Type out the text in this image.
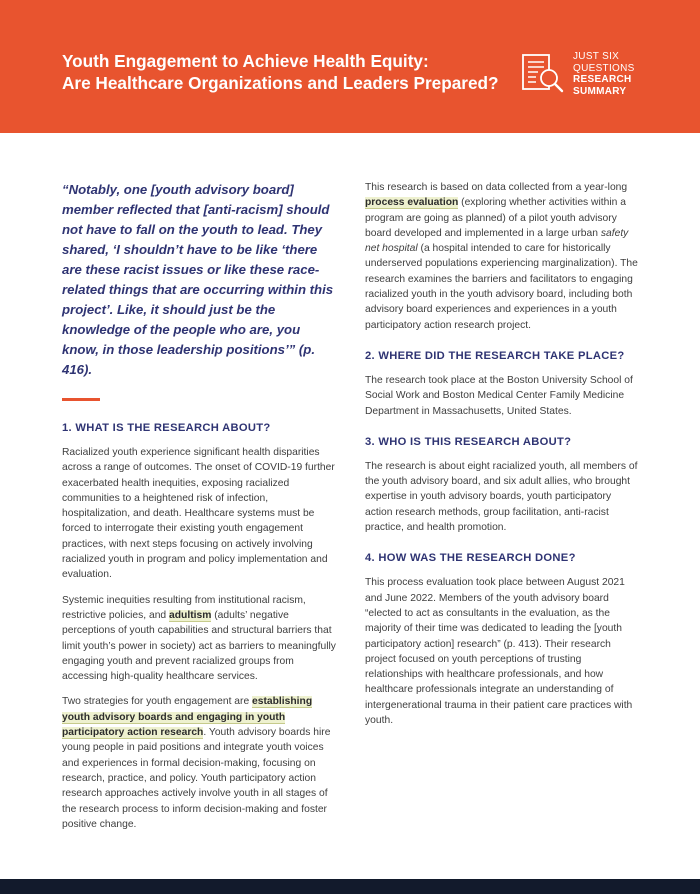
Youth Engagement to Achieve Health Equity:
Are Healthcare Organizations and Leaders Prepared?
JUST SIX
QUESTIONS
RESEARCH
SUMMARY
“Notably, one [youth advisory board] member reflected that [anti-racism] should not have to fall on the youth to lead. They shared, ‘I shouldn’t have to be like ‘there are these racist issues or like these race-related things that are occurring within this project’. Like, it should just be the knowledge of the people who are, you know, in those leadership positions’” (p. 416).
1. WHAT IS THE RESEARCH ABOUT?

Racialized youth experience significant health disparities across a range of outcomes. The onset of COVID-19 further exacerbated health inequities, exposing racialized communities to a heightened risk of infection, hospitalization, and death. Healthcare systems must be forced to interrogate their existing youth engagement practices, with next steps focusing on actively involving racialized youth in program and policy implementation and evaluation.

Systemic inequities resulting from institutional racism, restrictive policies, and adultism (adults’ negative perceptions of youth capabilities and structural barriers that limit youth’s power in society) act as barriers to meaningfully engaging youth and prevent racialized groups from accessing high-quality healthcare services.

Two strategies for youth engagement are establishing youth advisory boards and engaging in youth participatory action research. Youth advisory boards hire young people in paid positions and integrate youth voices and experiences in formal decision-making, focusing on research, practice, and policy. Youth participatory action research approaches actively involve youth in all stages of the research process to inform decision-making and foster positive change.

This research is based on data collected from a year-long process evaluation (exploring whether activities within a program are going as planned) of a pilot youth advisory board developed and implemented in a large urban safety net hospital (a hospital intended to care for historically underserved populations experiencing marginalization). The research examines the barriers and facilitators to engaging racialized youth in the youth advisory board, including both advisory board experiences and experiences in a youth participatory action research project.

2. WHERE DID THE RESEARCH TAKE PLACE?

The research took place at the Boston University School of Social Work and Boston Medical Center Family Medicine Department in Massachusetts, United States.

3. WHO IS THIS RESEARCH ABOUT?

The research is about eight racialized youth, all members of the youth advisory board, and six adult allies, who brought expertise in youth advisory boards, youth participatory action research methods, group facilitation, anti-racist practice, and health promotion.

4. HOW WAS THE RESEARCH DONE?

This process evaluation took place between August 2021 and June 2022. Members of the youth advisory board “elected to act as consultants in the evaluation, as the majority of their time was dedicated to leading the [youth participatory action] research” (p. 413). Their research project focused on youth perceptions of trusting relationships with healthcare professionals, and how healthcare professionals integrate an understanding of intergenerational trauma in their patient care practices with youth.
